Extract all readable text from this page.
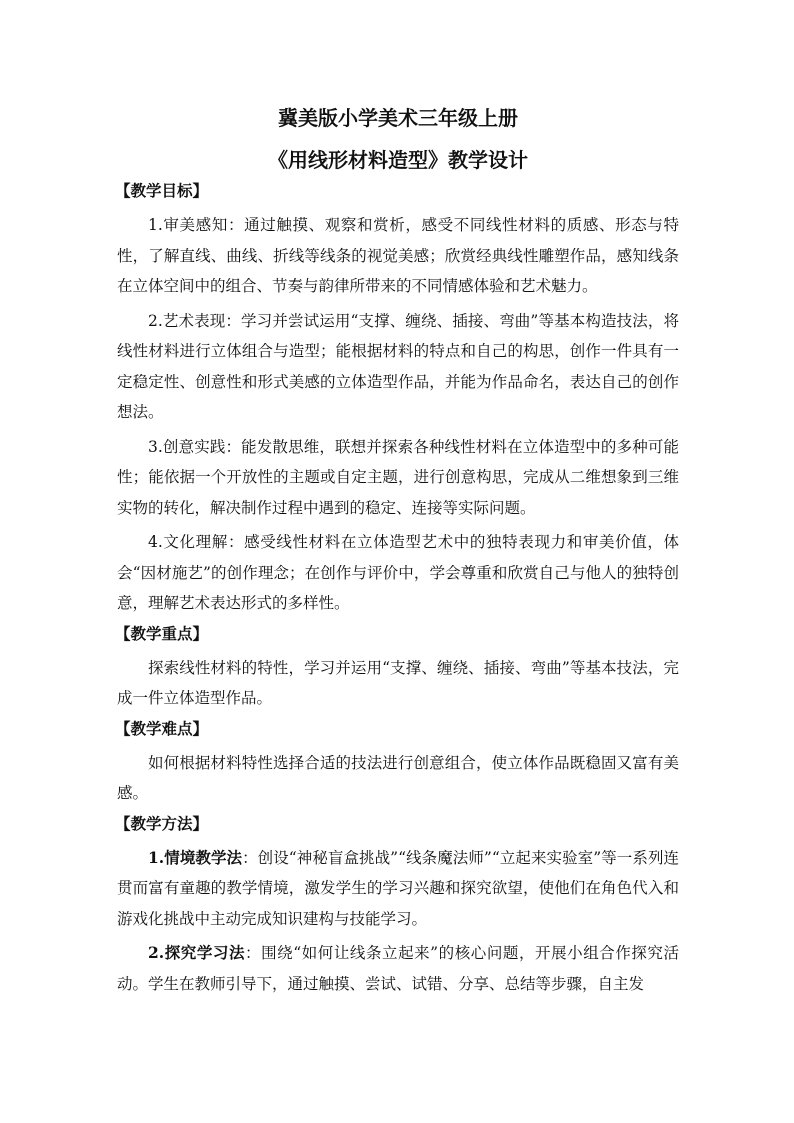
冀美版小学美术三年级上册

《用线形材料造型》教学设计

【教学目标】

1.审美感知：通过触摸、观察和赏析，感受不同线性材料的质感、形态与特性，了解直线、曲线、折线等线条的视觉美感；欣赏经典线性雕塑作品，感知线条在立体空间中的组合、节奏与韵律所带来的不同情感体验和艺术魅力。

2.艺术表现：学习并尝试运用“支撑、缠绕、插接、弯曲”等基本构造技法，将线性材料进行立体组合与造型；能根据材料的特点和自己的构思，创作一件具有一定稳定性、创意性和形式美感的立体造型作品，并能为作品命名，表达自己的创作想法。

3.创意实践：能发散思维，联想并探索各种线性材料在立体造型中的多种可能性；能依据一个开放性的主题或自定主题，进行创意构思，完成从二维想象到三维实物的转化，解决制作过程中遇到的稳定、连接等实际问题。

4.文化理解：感受线性材料在立体造型艺术中的独特表现力和审美价值，体会“因材施艺”的创作理念；在创作与评价中，学会尊重和欣赏自己与他人的独特创意，理解艺术表达形式的多样性。

【教学重点】

探索线性材料的特性，学习并运用“支撑、缠绕、插接、弯曲”等基本技法，完成一件立体造型作品。

【教学难点】

如何根据材料特性选择合适的技法进行创意组合，使立体作品既稳固又富有美感。

【教学方法】

1.情境教学法：创设“神秘盲盒挑战”“线条魔法师”“立起来实验室”等一系列连贯而富有童趣的教学情境，激发学生的学习兴趣和探究欲望，使他们在角色代入和游戏化挑战中主动完成知识建构与技能学习。

2.探究学习法：围绕“如何让线条立起来”的核心问题，开展小组合作探究活动。学生在教师引导下，通过触摸、尝试、试错、分享、总结等步骤，自主发
